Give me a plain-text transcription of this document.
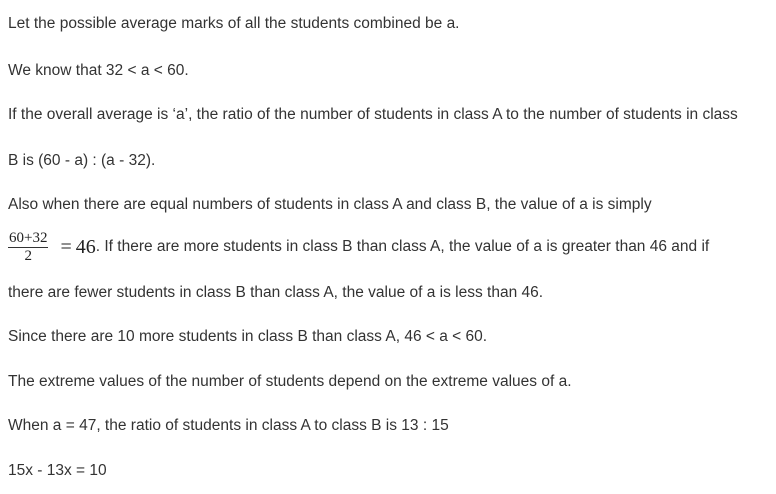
Let the possible average marks of all the students combined be a.
We know that 32 < a < 60.
If the overall average is ‘a’, the ratio of the number of students in class A to the number of students in class
B is (60 - a) : (a - 32).
Also when there are equal numbers of students in class A and class B, the value of a is simply
$\frac{60+32}{2} = 46$ . If there are more students in class B than class A, the value of a is greater than 46 and if
there are fewer students in class B than class A, the value of a is less than 46.
Since there are 10 more students in class B than class A, 46 < a < 60.
The extreme values of the number of students depend on the extreme values of a.
When a = 47, the ratio of students in class A to class B is 13 : 15
15x - 13x = 10
